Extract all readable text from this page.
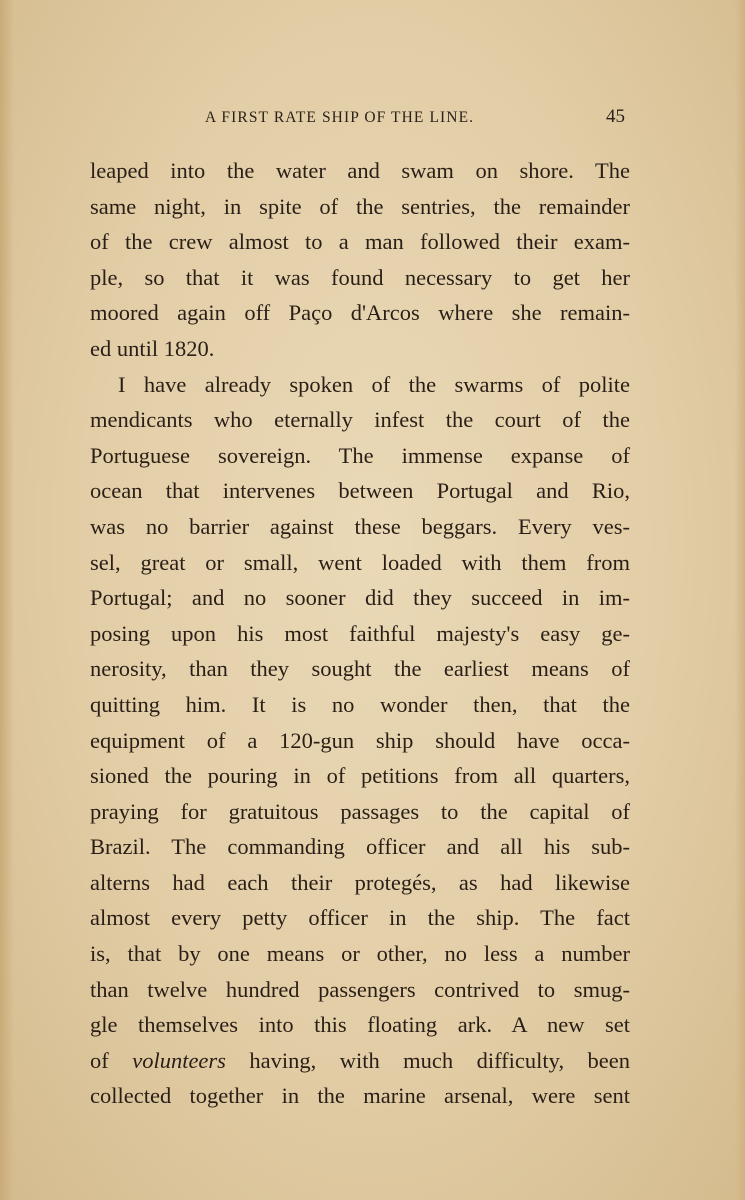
A FIRST RATE SHIP OF THE LINE.	45
leaped into the water and swam on shore. The
same night, in spite of the sentries, the remainder
of the crew almost to a man followed their exam-
ple, so that it was found necessary to get her
moored again off Paço d'Arcos where she remain-
ed until 1820.
I have already spoken of the swarms of polite
mendicants who eternally infest the court of the
Portuguese sovereign. The immense expanse of
ocean that intervenes between Portugal and Rio,
was no barrier against these beggars. Every ves-
sel, great or small, went loaded with them from
Portugal; and no sooner did they succeed in im-
posing upon his most faithful majesty's easy ge-
nerosity, than they sought the earliest means of
quitting him. It is no wonder then, that the
equipment of a 120-gun ship should have occa-
sioned the pouring in of petitions from all quarters,
praying for gratuitous passages to the capital of
Brazil. The commanding officer and all his sub-
alterns had each their protegés, as had likewise
almost every petty officer in the ship. The fact
is, that by one means or other, no less a number
than twelve hundred passengers contrived to smug-
gle themselves into this floating ark. A new set
of volunteers having, with much difficulty, been
collected together in the marine arsenal, were sent
